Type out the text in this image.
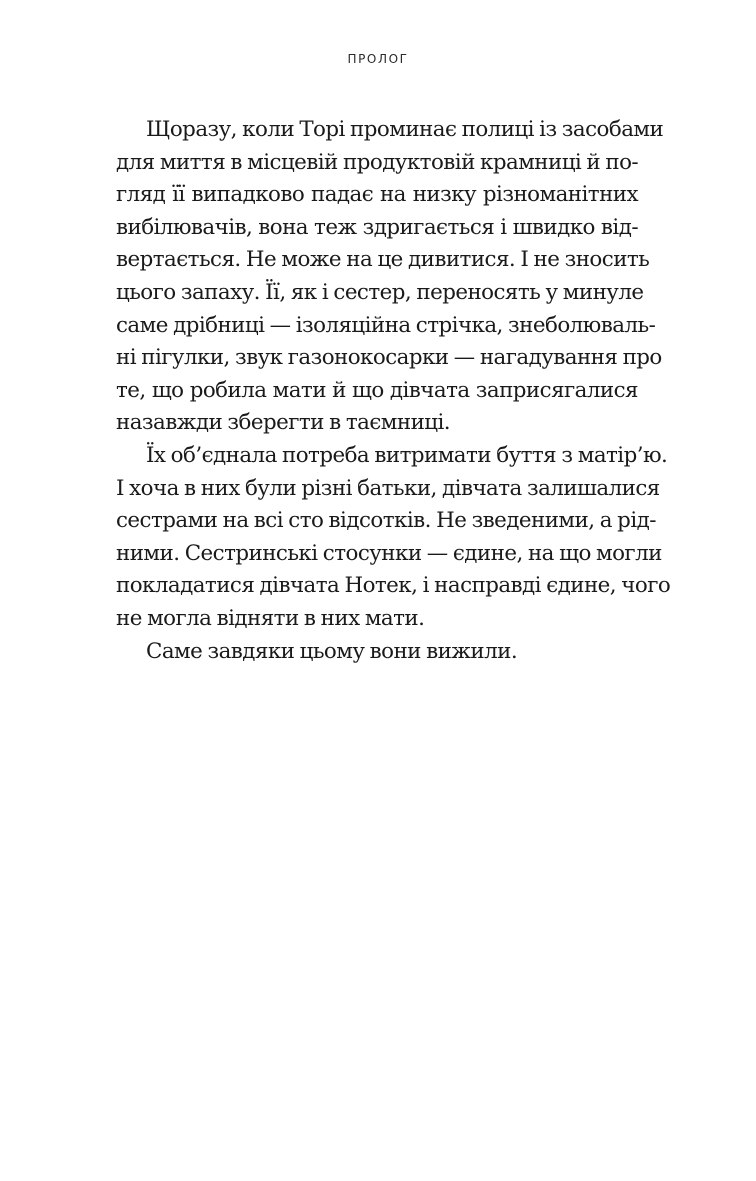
ПРОЛОГ
Щоразу, коли Торі проминає полиці із засобами
для миття в місцевій продуктовій крамниці й по-
гляд її випадково падає на низку різноманітних
вибілювачів, вона теж здригається і швидко від-
вертається. Не може на це дивитися. І не зносить
цього запаху. Її, як і сестер, переносять у минуле
саме дрібниці — ізоляційна стрічка, знеболюваль-
ні пігулки, звук газонокосарки — нагадування про
те, що робила мати й що дівчата заприсягалися
назавжди зберегти в таємниці.
Їх об’єднала потреба витримати буття з матір’ю.
І хоча в них були різні батьки, дівчата залишалися
сестрами на всі сто відсотків. Не зведеними, а рід-
ними. Сестринські стосунки — єдине, на що могли
покладатися дівчата Нотек, і насправді єдине, чого
не могла відняти в них мати.
Саме завдяки цьому вони вижили.
